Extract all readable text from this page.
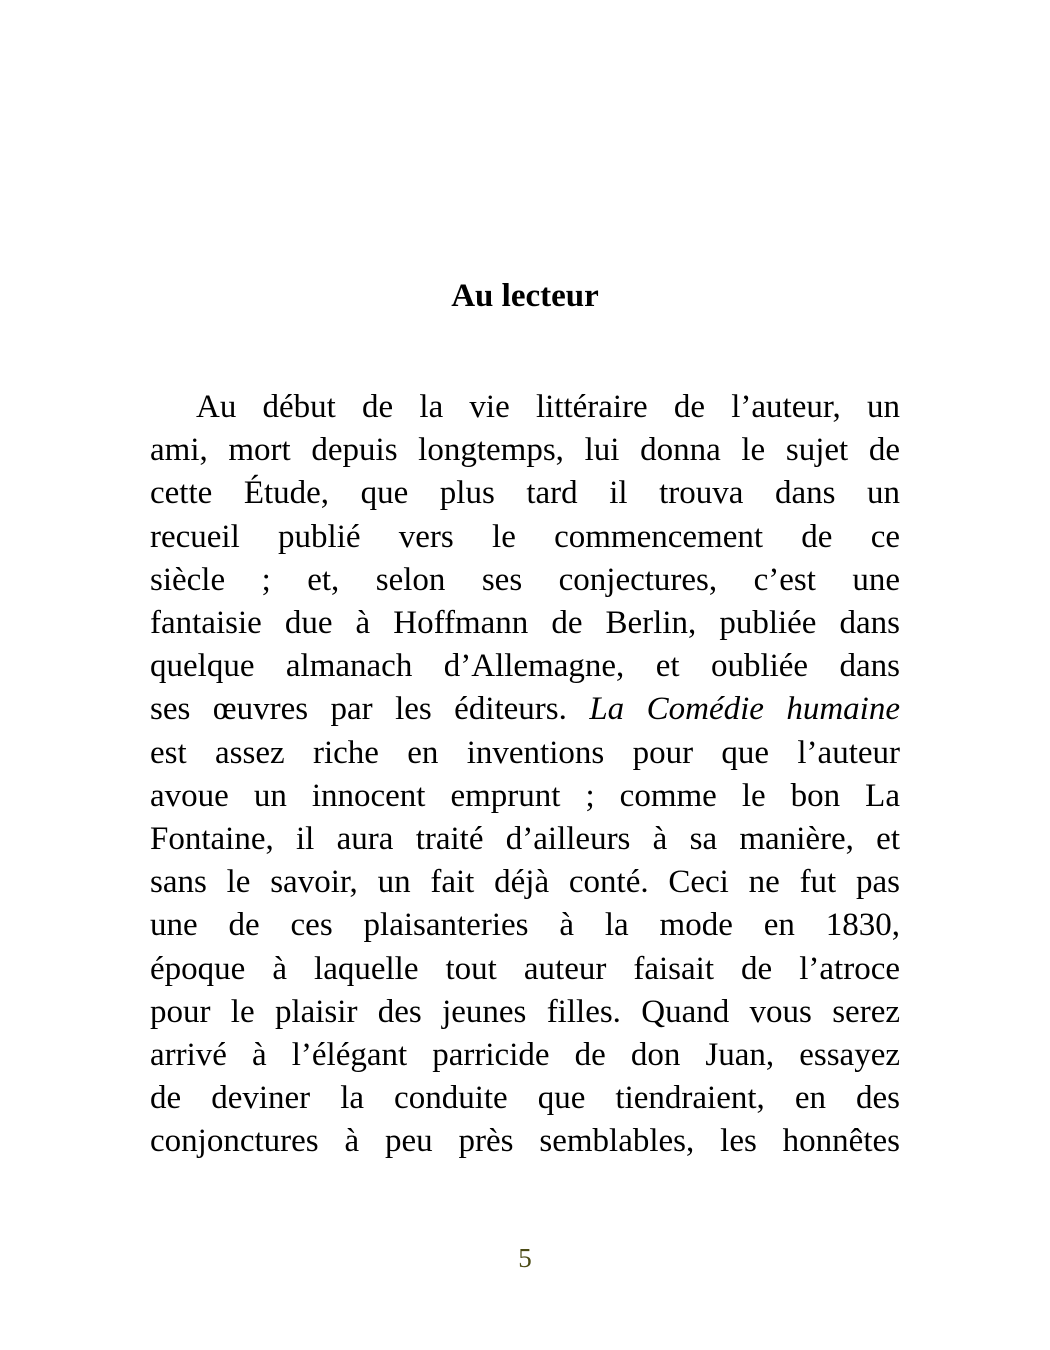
Au lecteur
Au début de la vie littéraire de l’auteur, un
ami, mort depuis longtemps, lui donna le sujet de
cette Étude, que plus tard il trouva dans un
recueil publié vers le commencement de ce
siècle ; et, selon ses conjectures, c’est une
fantaisie due à Hoffmann de Berlin, publiée dans
quelque almanach d’Allemagne, et oubliée dans
ses œuvres par les éditeurs. La Comédie humaine
est assez riche en inventions pour que l’auteur
avoue un innocent emprunt ; comme le bon La
Fontaine, il aura traité d’ailleurs à sa manière, et
sans le savoir, un fait déjà conté. Ceci ne fut pas
une de ces plaisanteries à la mode en 1830,
époque à laquelle tout auteur faisait de l’atroce
pour le plaisir des jeunes filles. Quand vous serez
arrivé à l’élégant parricide de don Juan, essayez
de deviner la conduite que tiendraient, en des
conjonctures à peu près semblables, les honnêtes
5
